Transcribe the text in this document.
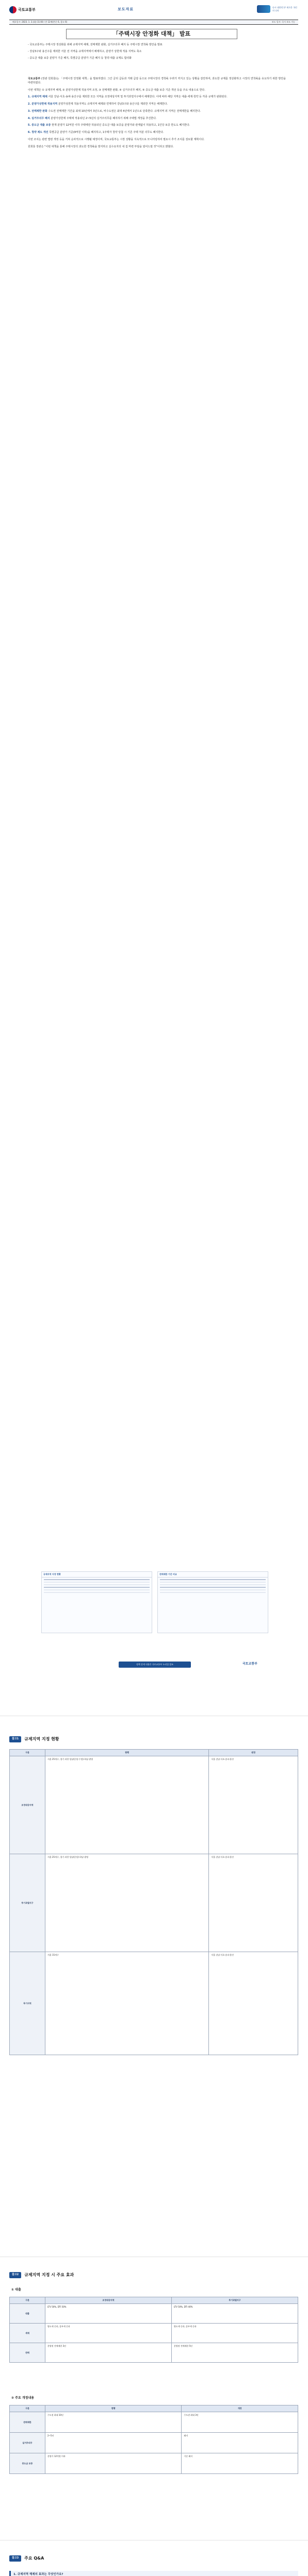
국토교통부	보도자료	다시 대한민국! 새로운 국민의 나라
배포일시: 2023. 1. 3.(화) 11:00 / 총 12매(본문 6, 참고 6)	보도 일시: 즉시 보도 가능
「주택시장 안정화 대책」 발표

- 국토교통부는 주택시장 정상화를 위해 규제지역 해제, 전매제한 완화, 실거주의무 폐지 등 주택시장 연착륙 방안을 발표

- 강남3구와 용산구를 제외한 서울 전 지역을 규제지역에서 해제하고, 분양가 상한제 적용 지역도 축소

- 중도금 대출 보증 분양가 기준 폐지, 특별공급 분양가 기준 폐지 등 청약·대출 규제도 합리화

국토교통부 (장관 원희룡)는 「주택시장 안정화 대책」을 발표하였다. 그간 금리 급등과 거래 급감 등으로 주택시장의 경착륙 우려가 커지고 있는 상황을 감안하여, 과도한 규제를 정상화하고 시장의 연착륙을 유도하기 위한 방안을 마련하였다.

이번 대책은 ① 규제지역 해제, ② 분양가상한제 적용지역 조정, ③ 전매제한 완화, ④ 실거주의무 폐지, ⑤ 중도금 대출 보증 기준 개선 등을 주요 내용으로 한다.

1. 규제지역 해제 서울 강남·서초·송파·용산구를 제외한 모든 지역을 조정대상지역 및 투기과열지구에서 해제한다. 이에 따라 해당 지역은 대출·세제·청약 등 각종 규제가 완화된다.

2. 분양가상한제 적용지역 분양가상한제 적용지역도 규제지역 해제와 연계하여 강남3구와 용산구를 제외한 지역은 해제한다.

3. 전매제한 완화 수도권 전매제한 기간을 최대 10년에서 3년으로, 비수도권은 최대 4년에서 1년으로 단축한다. 규제지역 외 지역은 전매제한을 폐지한다.

4. 실거주의무 폐지 분양가상한제 주택에 적용되던 2~5년의 실거주의무를 폐지하기 위해 주택법 개정을 추진한다.

5. 중도금 대출 보증 현재 분양가 12억원 이하 주택에만 허용되던 중도금 대출 보증을 분양가와 관계없이 허용하고, 1인당 보증 한도도 폐지한다.

6. 청약 제도 개선 특별공급 분양가 기준(9억원 이하)을 폐지하고, 1주택자 청약 당첨 시 기존 주택 처분 의무도 폐지한다.

이번 조치는 관련 법령 개정 등을 거쳐 순차적으로 시행될 예정이며, 국토교통부는 시장 상황을 지속적으로 모니터링하여 필요시 추가 조치를 검토할 계획이다.

원희룡 장관은 "이번 대책을 통해 주택시장의 과도한 경착륙을 방지하고 실수요자의 내 집 마련 부담을 덜어드릴 것"이라고 밝혔다.

규제지역 지정 현황	전매제한 기간 비교
정책 상세 내용은 국토교통부 누리집 참조	국토교통부
참고1	규제지역 지정 현황
구분	현행	변경
조정대상지역	서울 25개구, 경기 과천·성남(분당·수정)·하남·광명	서울 강남·서초·송파·용산
투기과열지구	서울 25개구, 경기 과천·성남(분당)·하남·광명	서울 강남·서초·송파·용산
투기지역	서울 15개구	서울 강남·서초·송파·용산
참고2	규제지역 지정 시 주요 효과
① 대출
구분	조정대상지역	투기과열지구
대출	LTV 50%, DTI 50%	LTV 50%, DTI 40%
세제	양도세 중과, 종부세 중과	양도세 중과, 종부세 중과
전매	분양권 전매제한 3년	분양권 전매제한 5년
② 주요 개정내용
구분	현행	개정
전매제한	수도권 최대 10년	수도권 최대 3년
실거주의무	2~5년	폐지
중도금 보증	분양가 12억원 이하	기준 폐지
참고3	주요 Q&A
1. 규제지역 해제의 효과는 무엇인가요?
